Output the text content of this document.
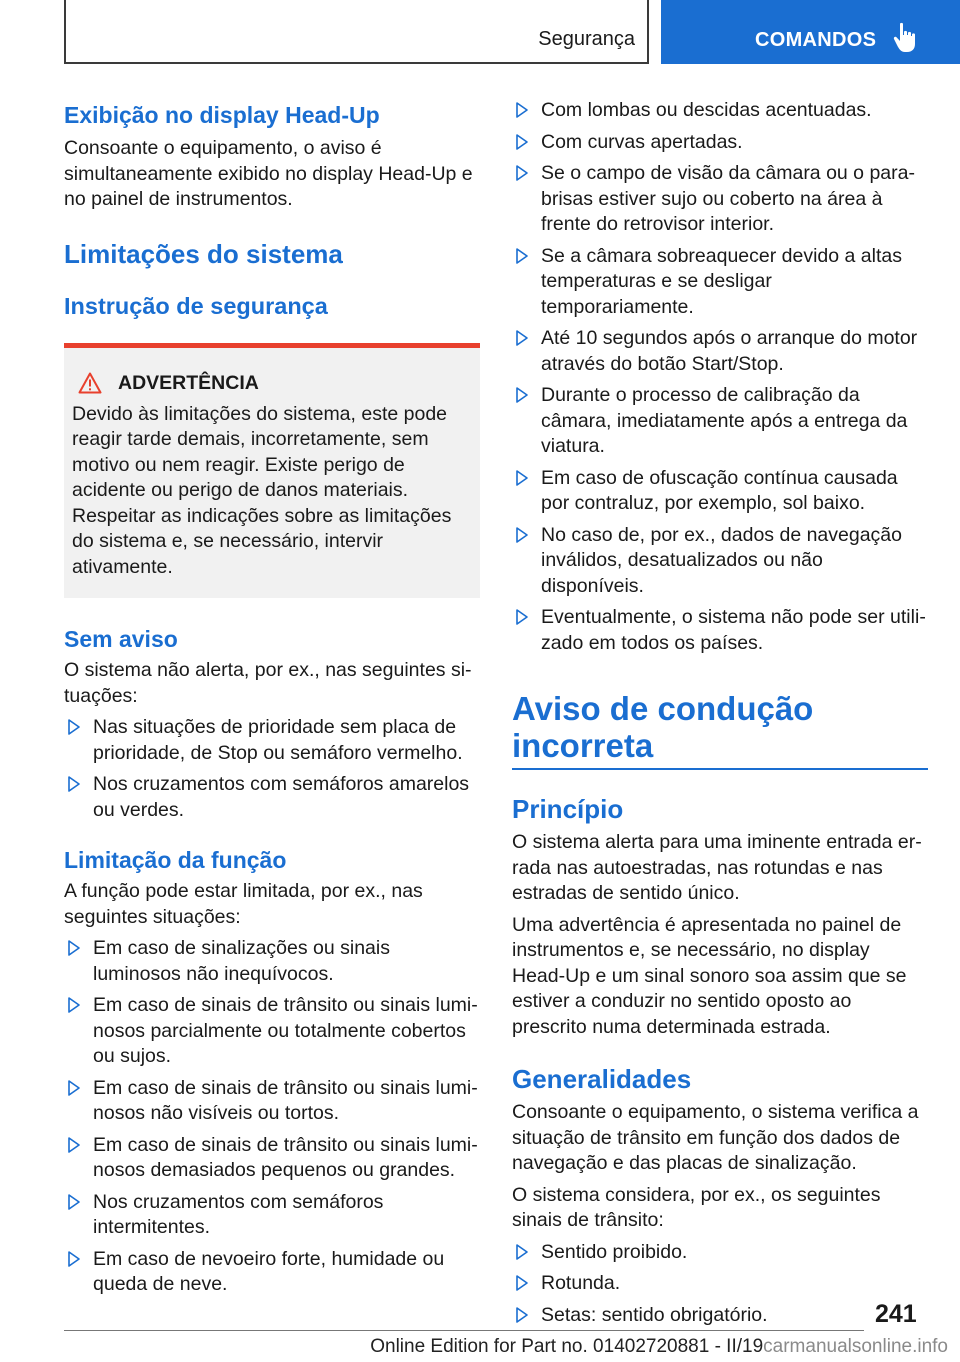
Segurança	COMANDOS
Exibição no display Head-Up

Consoante o equipamento, o aviso é simultaneamente exibido no display Head-Up e no painel de instrumentos.

Limitações do sistema
Instrução de segurança
ADVERTÊNCIA

Devido às limitações do sistema, este pode reagir tarde demais, incorretamente, sem motivo ou nem reagir. Existe perigo de acidente ou perigo de danos materiais. Respeitar as indicações sobre as limitações do sistema e, se necessário, intervir ativamente.

Sem aviso

O sistema não alerta, por ex., nas seguintes situações:

Nas situações de prioridade sem placa de prioridade, de Stop ou semáforo vermelho.
Nos cruzamentos com semáforos amarelos ou verdes.
Limitação da função

A função pode estar limitada, por ex., nas seguintes situações:

Em caso de sinalizações ou sinais luminosos não inequívocos.
Em caso de sinais de trânsito ou sinais luminosos parcialmente ou totalmente cobertos ou sujos.
Em caso de sinais de trânsito ou sinais luminosos não visíveis ou tortos.
Em caso de sinais de trânsito ou sinais luminosos demasiados pequenos ou grandes.
Nos cruzamentos com semáforos intermitentes.
Em caso de nevoeiro forte, humidade ou queda de neve.
Com lombas ou descidas acentuadas.
Com curvas apertadas.
Se o campo de visão da câmara ou o para-brisas estiver sujo ou coberto na área à frente do retrovisor interior.
Se a câmara sobreaquecer devido a altas temperaturas e se desligar temporariamente.
Até 10 segundos após o arranque do motor através do botão Start/Stop.
Durante o processo de calibração da câmara, imediatamente após a entrega da viatura.
Em caso de ofuscação contínua causada por contraluz, por exemplo, sol baixo.
No caso de, por ex., dados de navegação inválidos, desatualizados ou não disponíveis.
Eventualmente, o sistema não pode ser utilizado em todos os países.
Aviso de condução incorreta
Princípio

O sistema alerta para uma iminente entrada errada nas autoestradas, nas rotundas e nas estradas de sentido único.

Uma advertência é apresentada no painel de instrumentos e, se necessário, no display Head-Up e um sinal sonoro soa assim que se estiver a conduzir no sentido oposto ao prescrito numa determinada estrada.

Generalidades

Consoante o equipamento, o sistema verifica a situação de trânsito em função dos dados de navegação e das placas de sinalização.

O sistema considera, por ex., os seguintes sinais de trânsito:

Sentido proibido.
Rotunda.
Setas: sentido obrigatório.	241
Online Edition for Part no. 01402720881 - II/19carmanualsonline.info
